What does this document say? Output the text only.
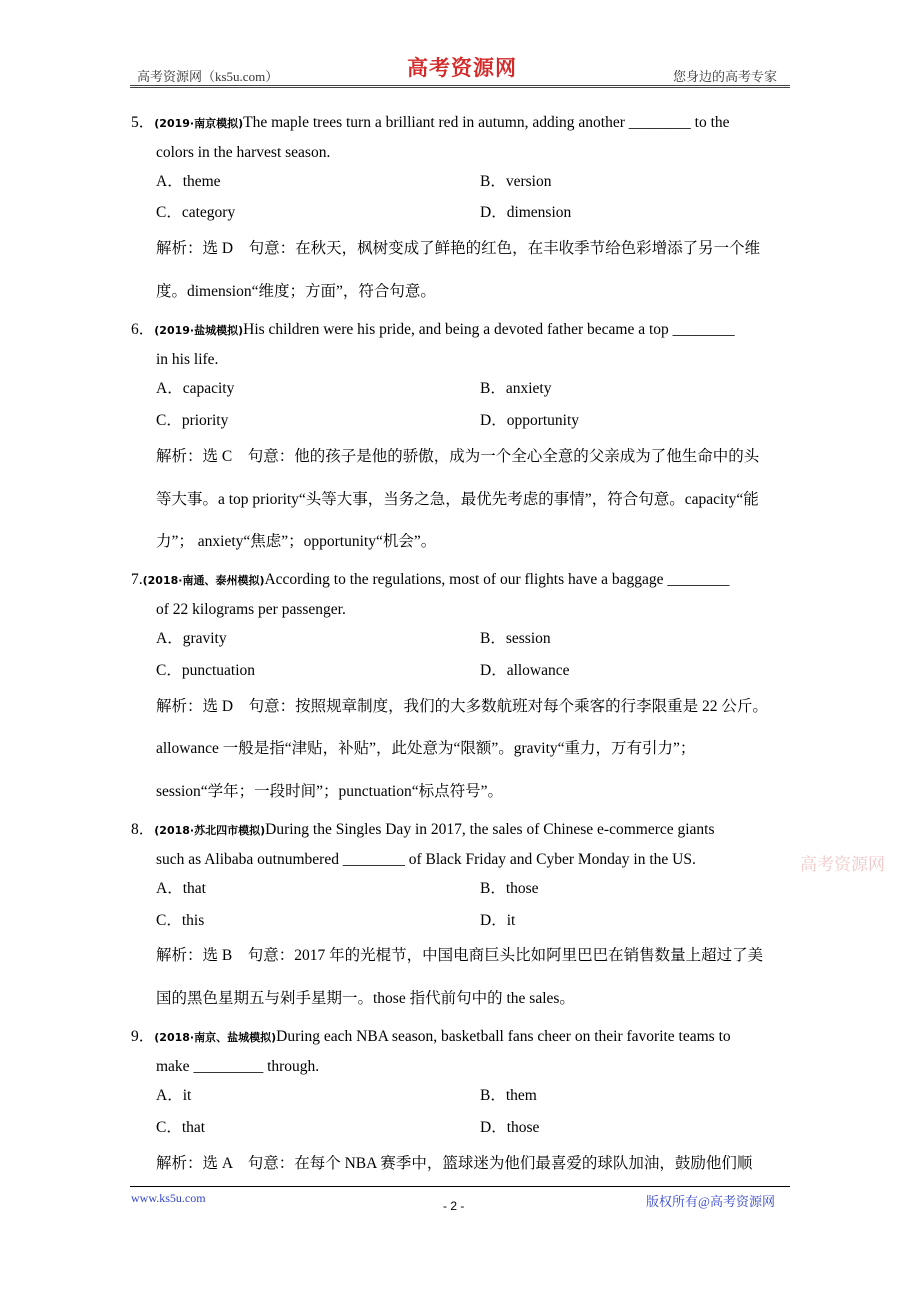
高考资源网（ks5u.com）	高考资源网	您身边的高考专家
高考资源网
5．(2019·南京模拟)The maple trees turn a brilliant red in autumn, adding another ________ to the
colors in the harvest season.
A．theme	B．version
C．category	D．dimension
解析：选 D　句意：在秋天，枫树变成了鲜艳的红色，在丰收季节给色彩增添了另一个维
度。dimension“维度；方面”，符合句意。
6．(2019·盐城模拟)His children were his pride, and being a devoted father became a top ________
in his life.
A．capacity	B．anxiety
C．priority	D．opportunity
解析：选 C　句意：他的孩子是他的骄傲，成为一个全心全意的父亲成为了他生命中的头
等大事。a top priority“头等大事，当务之急，最优先考虑的事情”，符合句意。capacity“能
力”； anxiety“焦虑”；opportunity“机会”。
7.(2018·南通、泰州模拟)According to the regulations, most of our flights have a baggage ________
of 22 kilograms per passenger.
A．gravity	B．session
C．punctuation	D．allowance
解析：选 D　句意：按照规章制度，我们的大多数航班对每个乘客的行李限重是 22 公斤。
allowance 一般是指“津贴，补贴”，此处意为“限额”。gravity“重力，万有引力”；
session“学年；一段时间”；punctuation“标点符号”。
8．(2018·苏北四市模拟)During the Singles Day in 2017, the sales of Chinese e-commerce giants
such as Alibaba outnumbered ________ of Black Friday and Cyber Monday in the US.
A．that	B．those
C．this	D．it
解析：选 B　句意：2017 年的光棍节，中国电商巨头比如阿里巴巴在销售数量上超过了美
国的黑色星期五与剁手星期一。those 指代前句中的 the sales。
9．(2018·南京、盐城模拟)During each NBA season, basketball fans cheer on their favorite teams to
make _________ through.
A．it	B．them
C．that	D．those
解析：选 A　句意：在每个 NBA 赛季中，篮球迷为他们最喜爱的球队加油，鼓励他们顺
www.ks5u.com
- 2 -	版权所有@高考资源网
